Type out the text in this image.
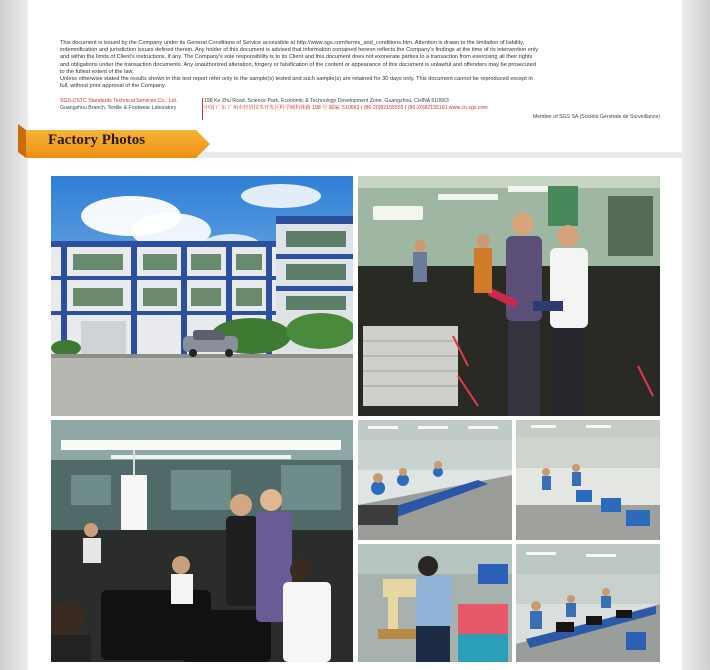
This document is issued by the Company under its General Conditions of Service accessible at http://www.sgs.com/terms_and_conditions.htm. Attention is drawn to the limitation of liability,

indemnification and jurisdiction issues defined therein. Any holder of this document is advised that information contained hereon reflects the Company's findings at the time of its intervention only

and within the limits of Client's instructions, if any. The Company's sole responsibility is to its Client and this document does not exonerate parties to a transaction from exercising all their rights

and obligations under the transaction documents. Any unauthorized alteration, forgery or falsification of the content or appearance of this document is unlawful and offenders may be prosecuted

to the fullest extent of the law.

Unless otherwise stated the results shown in this test report refer only to the sample(s) tested and such sample(s) are retained for 30 days only. This document cannot be reproduced except in

full, without prior approval of the Company.

SGS-CSTC Standards Technical Services Co., Ltd.
Guangzhou Branch, Textile & Footwear Laboratory
198 Ke Zhu Road, Science Park, Economic & Technology Development Zone, Guangzhou, CHINA 510663
中国 广东 广州市经济技术开发区科学城科珠路 198 号 邮编: 510663 t (86-20)82155555 f (86-20)82155161 www.cn.sgs.com
Member of SGS SA (Société Générale de Surveillance)
Factory Photos
